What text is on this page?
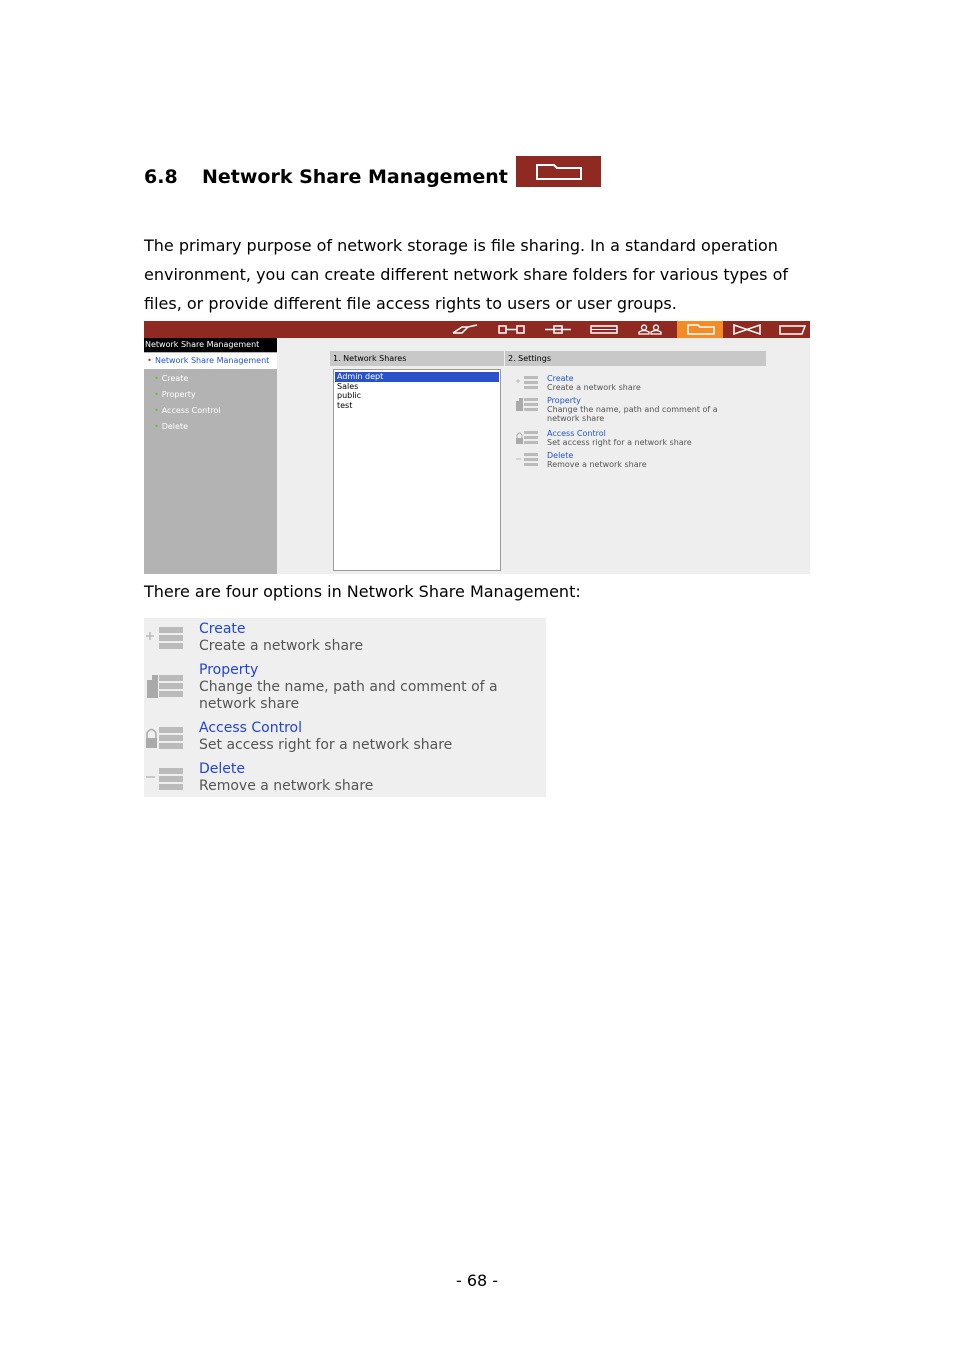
6.8 Network Share Management

The primary purpose of network storage is file sharing. In a standard operation environment, you can create different network share folders for various types of files, or provide different file access rights to users or user groups.

Network Share Management
• Network Share Management
• Create
• Property
• Access Control
• Delete
1. Network Shares	2. Settings
Admin dept
Sales
public
test
Create
Create a network share
Property
Change the name, path and comment of a network share
Access Control
Set access right for a network share
Delete
Remove a network share

There are four options in Network Share Management:

Create
Create a network share
Property
Change the name, path and comment of a network share
Access Control
Set access right for a network share
Delete
Remove a network share
- 68 -
